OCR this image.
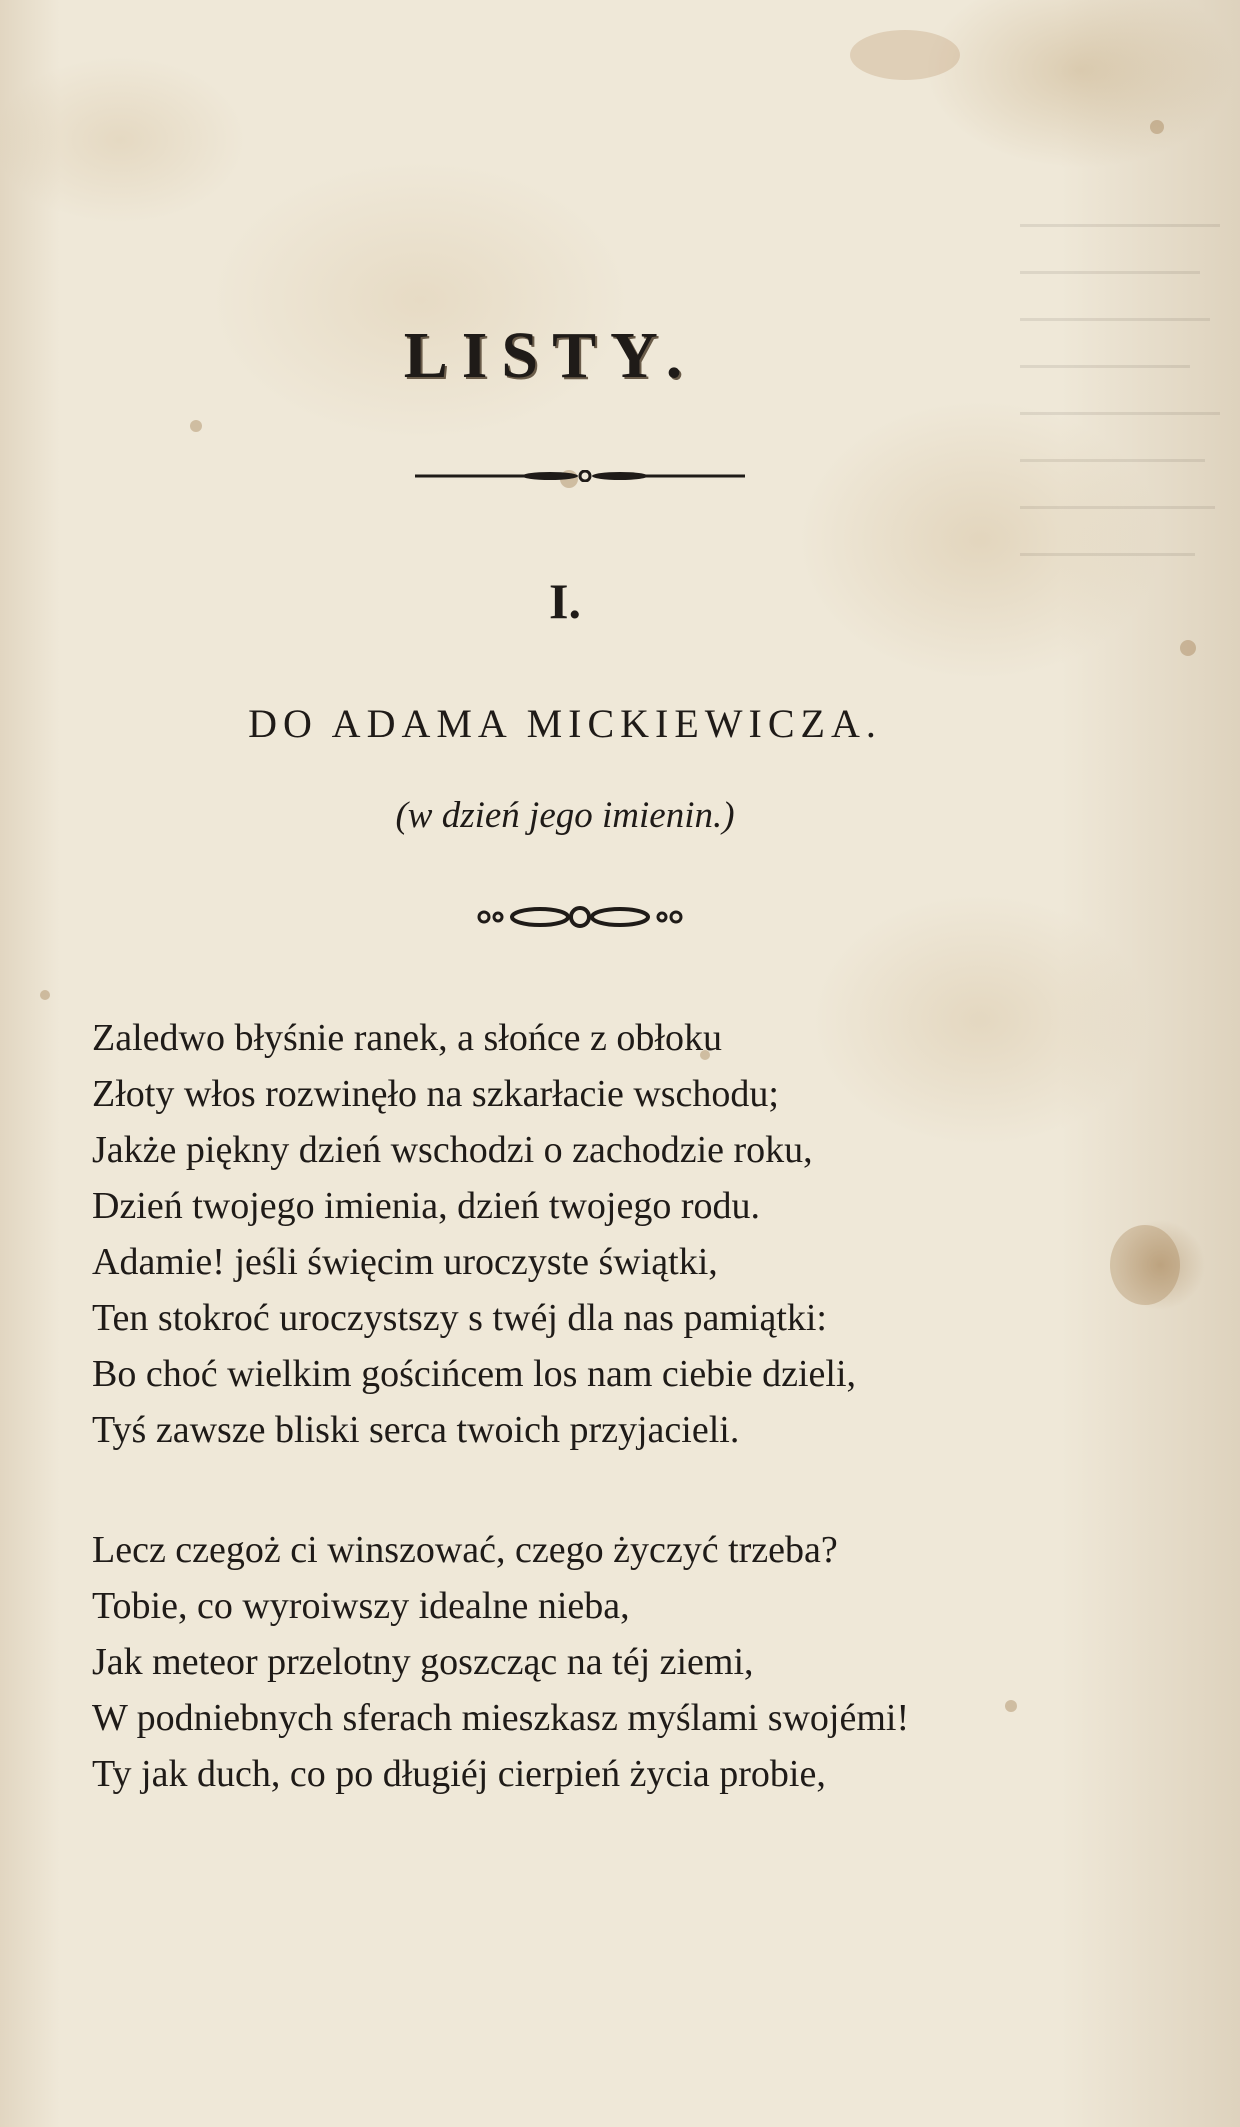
LISTY.
I.
DO ADAMA MICKIEWICZA.
(w dzień jego imienin.)
Zaledwo błyśnie ranek, a słońce z obłoku
Złoty włos rozwinęło na szkarłacie wschodu;
Jakże piękny dzień wschodzi o zachodzie roku,
Dzień twojego imienia, dzień twojego rodu.
Adamie! jeśli święcim uroczyste świątki,
Ten stokroć uroczystszy s twéj dla nas pamiątki:
Bo choć wielkim gościńcem los nam ciebie dzieli,
Tyś zawsze bliski serca twoich przyjacieli.
Lecz czegoż ci winszować, czego życzyć trzeba?
Tobie, co wyroiwszy idealne nieba,
Jak meteor przelotny goszcząc na téj ziemi,
W podniebnych sferach mieszkasz myślami swojémi!
Ty jak duch, co po długiéj cierpień życia probie,
